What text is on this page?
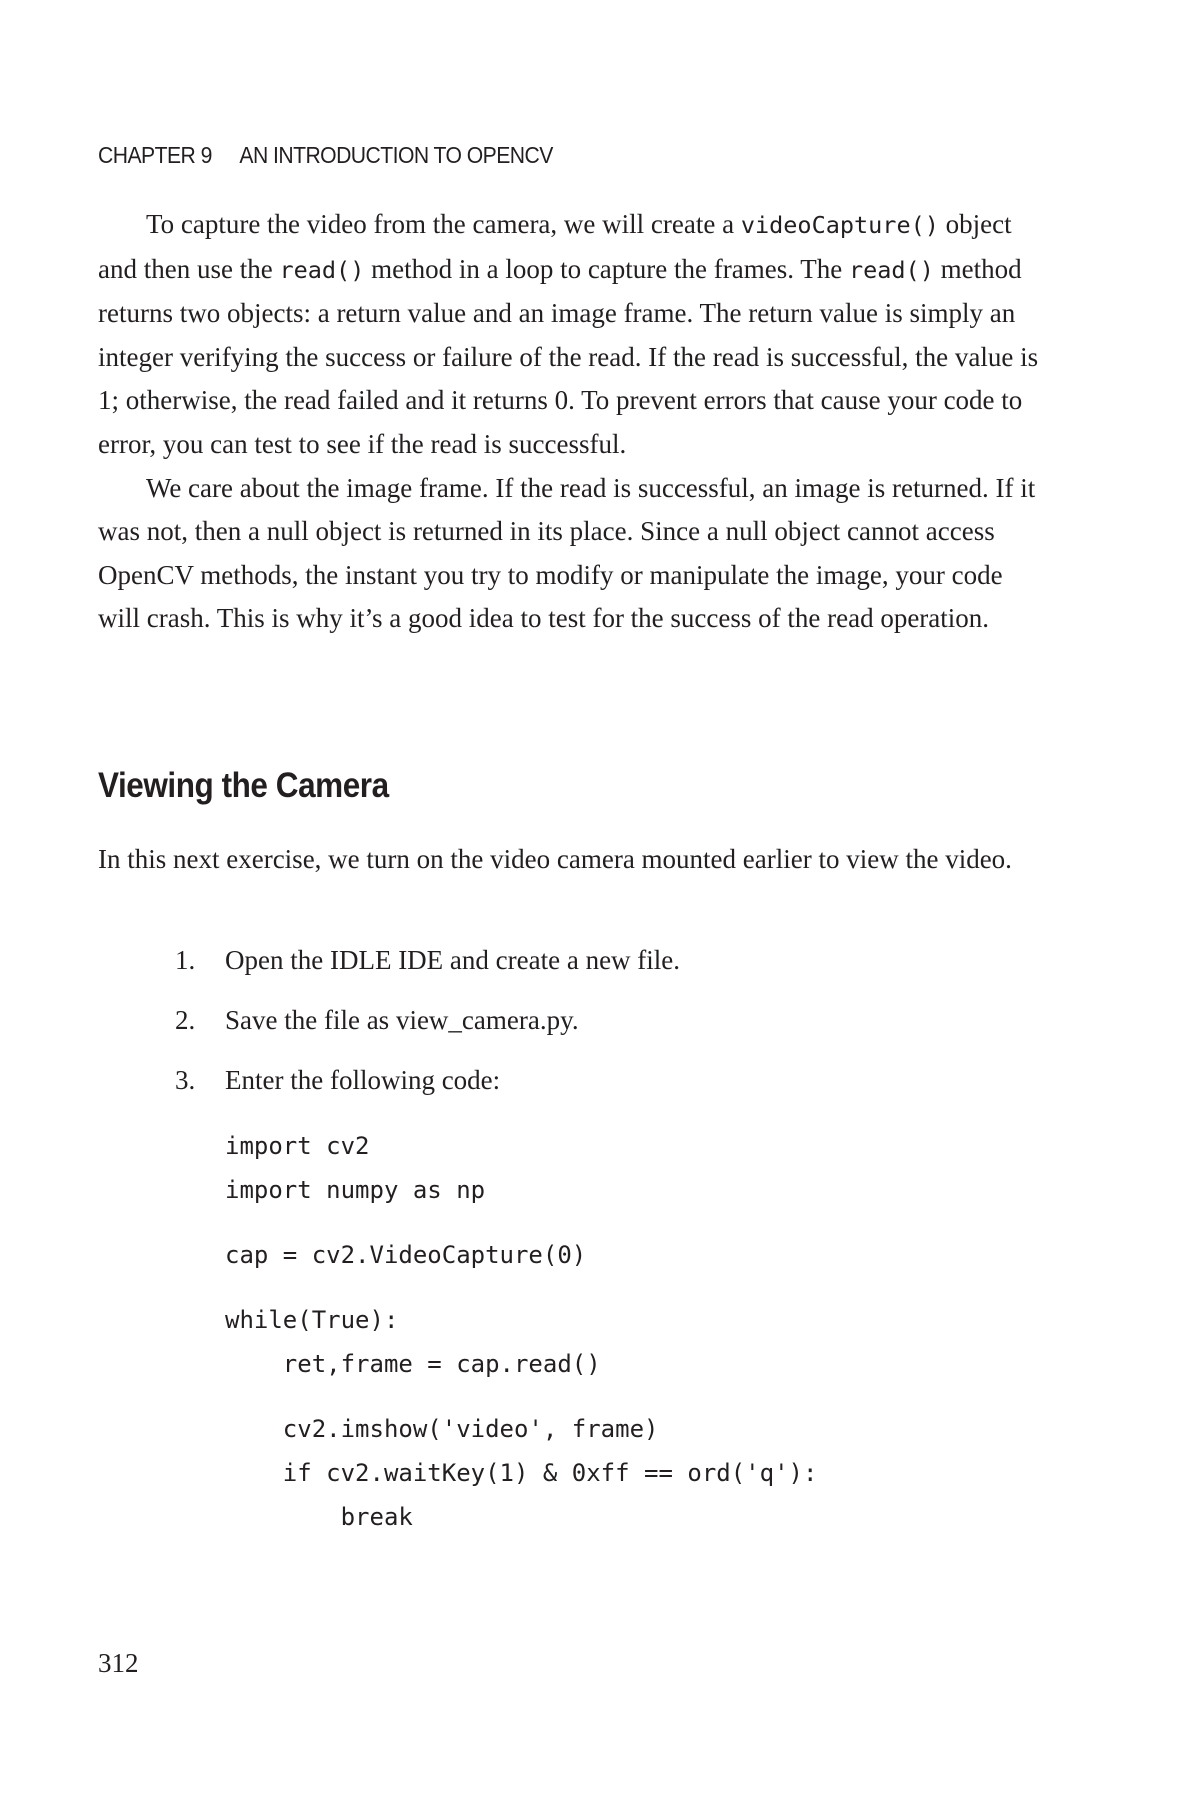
CHAPTER 9 AN INTRODUCTION TO OPENCV

To capture the video from the camera, we will create a videoCapture() object and then use the read() method in a loop to capture the frames. The read() method returns two objects: a return value and an image frame. The return value is simply an integer verifying the success or failure of the read. If the read is successful, the value is 1; otherwise, the read failed and it returns 0. To prevent errors that cause your code to error, you can test to see if the read is successful.

We care about the image frame. If the read is successful, an image is returned. If it was not, then a null object is returned in its place. Since a null object cannot access OpenCV methods, the instant you try to modify or manipulate the image, your code will crash. This is why it’s a good idea to test for the success of the read operation.

Viewing the Camera

In this next exercise, we turn on the video camera mounted earlier to view the video.

1.	Open the IDLE IDE and create a new file.
2.	Save the file as view_camera.py.
3.	Enter the following code:

import cv2

import numpy as np

cap = cv2.VideoCapture(0)

while(True):

ret,frame = cap.read()

cv2.imshow('video', frame)

if cv2.waitKey(1) & 0xff == ord('q'):

break

312
